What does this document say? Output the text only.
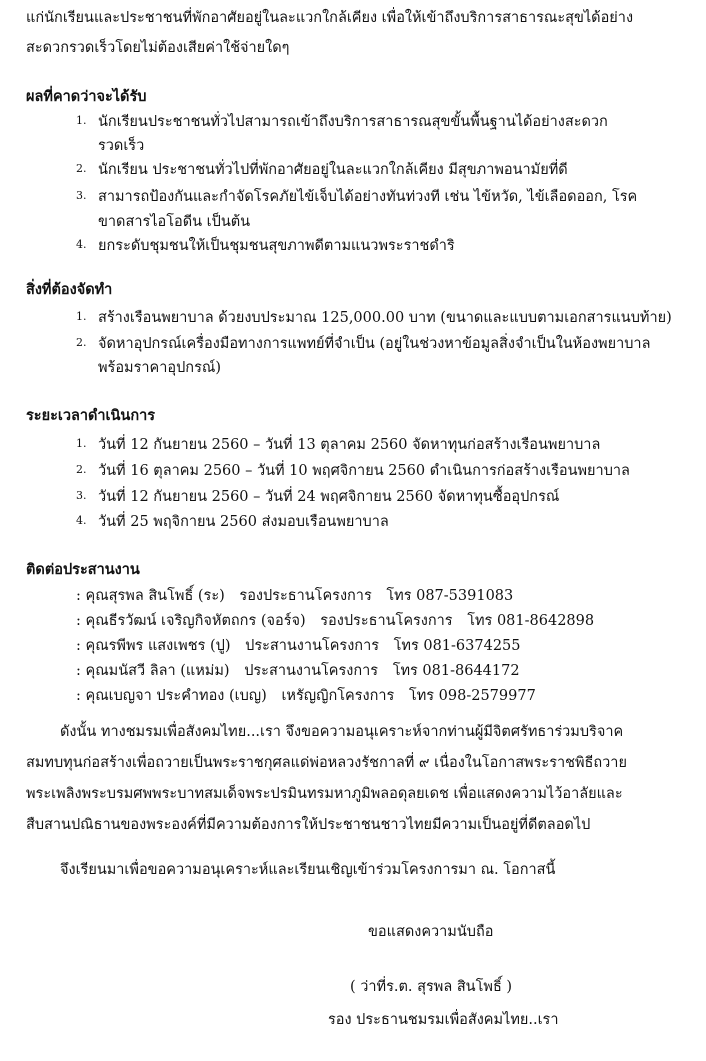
แก่นักเรียนและประชาชนที่พักอาศัยอยู่ในละแวกใกล้เคียง เพื่อให้เข้าถึงบริการสาธารณะสุขได้อย่าง
สะดวกรวดเร็วโดยไม่ต้องเสียค่าใช้จ่ายใดๆ
ผลที่คาดว่าจะได้รับ
1. นักเรียนประชาชนทั่วไปสามารถเข้าถึงบริการสาธารณสุขขั้นพื้นฐานได้อย่างสะดวก
รวดเร็ว
2. นักเรียน ประชาชนทั่วไปที่พักอาศัยอยู่ในละแวกใกล้เคียง มีสุขภาพอนามัยที่ดี
3. สามารถป้องกันและกำจัดโรคภัยไข้เจ็บได้อย่างทันท่วงที เช่น ไข้หวัด, ไข้เลือดออก, โรค
ขาดสารไอโอดีน เป็นต้น
4. ยกระดับชุมชนให้เป็นชุมชนสุขภาพดีตามแนวพระราชดำริ
สิ่งที่ต้องจัดทำ
1. สร้างเรือนพยาบาล ด้วยงบประมาณ 125,000.00 บาท (ขนาดและแบบตามเอกสารแนบท้าย)
2. จัดหาอุปกรณ์เครื่องมือทางการแพทย์ที่จำเป็น (อยู่ในช่วงหาข้อมูลสิ่งจำเป็นในห้องพยาบาล
พร้อมราคาอุปกรณ์)
ระยะเวลาดำเนินการ
1. วันที่ 12 กันยายน 2560 – วันที่ 13 ตุลาคม 2560 จัดหาทุนก่อสร้างเรือนพยาบาล
2. วันที่ 16 ตุลาคม 2560 – วันที่ 10 พฤศจิกายน 2560 ดำเนินการก่อสร้างเรือนพยาบาล
3. วันที่ 12 กันยายน 2560 – วันที่ 24 พฤศจิกายน 2560 จัดหาทุนซื้ออุปกรณ์
4. วันที่ 25 พฤจิกายน 2560 ส่งมอบเรือนพยาบาล
ติดต่อประสานงาน
: คุณสุรพล สินโพธิ์ (ระ) รองประธานโครงการ โทร 087-5391083
: คุณธีรวัฒน์ เจริญกิจหัตถกร (จอร์จ) รองประธานโครงการ โทร 081-8642898
: คุณรพีพร แสงเพชร (ปู) ประสานงานโครงการ โทร 081-6374255
: คุณมนัสวี ลิลา (แหม่ม) ประสานงานโครงการ โทร 081-8644172
: คุณเบญจา ประคำทอง (เบญ) เหรัญญิกโครงการ โทร 098-2579977
ดังนั้น ทางชมรมเพื่อสังคมไทย...เรา จึงขอความอนุเคราะห์จากท่านผู้มีจิตศรัทธาร่วมบริจาค
สมทบทุนก่อสร้างเพื่อถวายเป็นพระราชกุศลแด่พ่อหลวงรัชกาลที่ ๙ เนื่องในโอกาสพระราชพิธีถวาย
พระเพลิงพระบรมศพพระบาทสมเด็จพระปรมินทรมหาภูมิพลอดุลยเดช เพื่อแสดงความไว้อาลัยและ
สืบสานปณิธานของพระองค์ที่มีความต้องการให้ประชาชนชาวไทยมีความเป็นอยู่ที่ดีตลอดไป
จึงเรียนมาเพื่อขอความอนุเคราะห์และเรียนเชิญเข้าร่วมโครงการมา ณ. โอกาสนี้
ขอแสดงความนับถือ
( ว่าที่ร.ต. สุรพล สินโพธิ์ )
รอง ประธานชมรมเพื่อสังคมไทย..เรา
